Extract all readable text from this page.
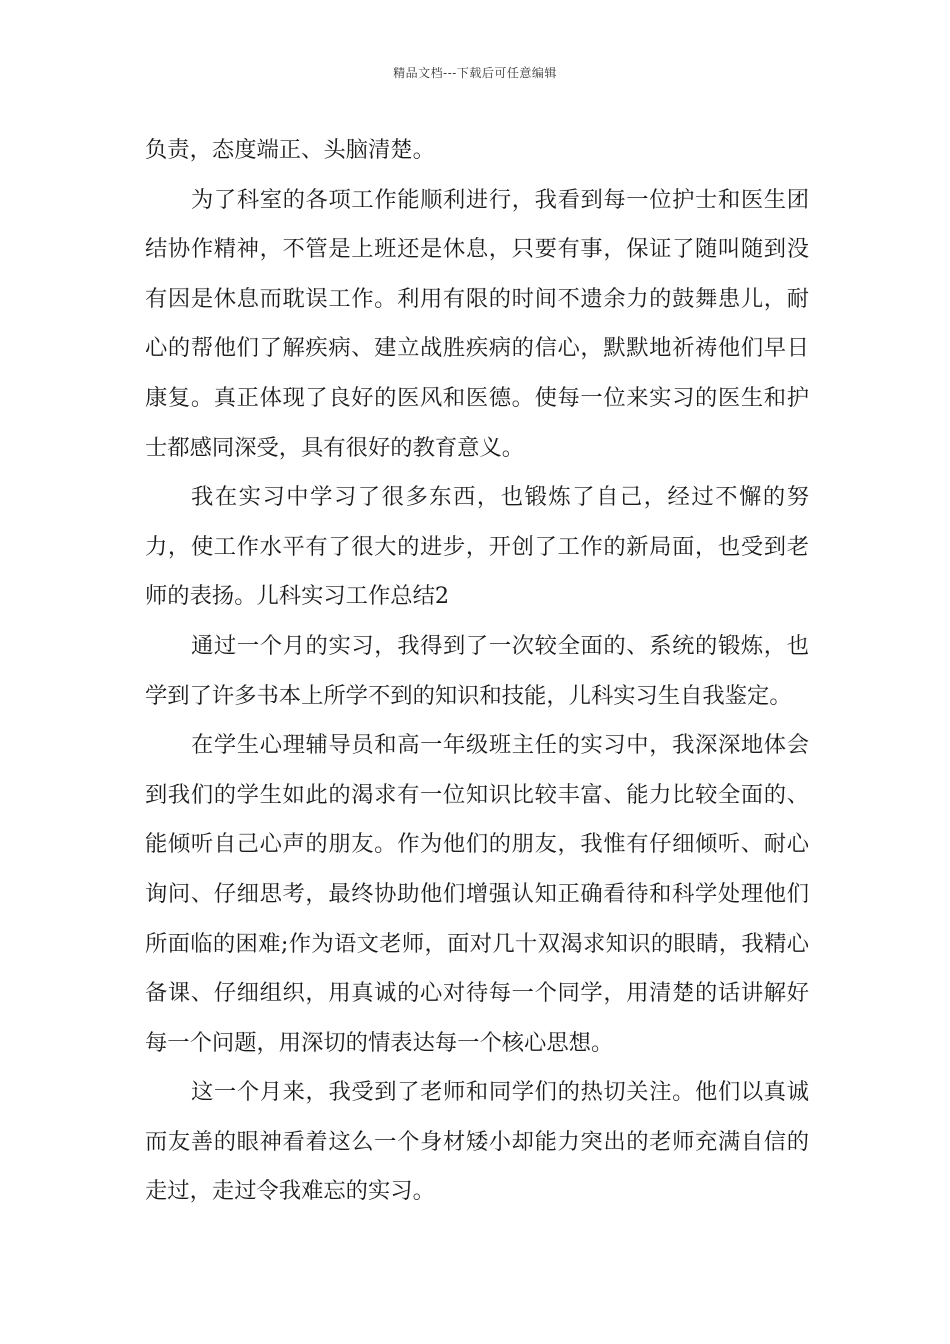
精品文档---下载后可任意编辑

负责，态度端正、头脑清楚。

为了科室的各项工作能顺利进行，我看到每一位护士和医生团结协作精神，不管是上班还是休息，只要有事，保证了随叫随到没有因是休息而耽误工作。利用有限的时间不遗余力的鼓舞患儿，耐心的帮他们了解疾病、建立战胜疾病的信心，默默地祈祷他们早日康复。真正体现了良好的医风和医德。使每一位来实习的医生和护士都感同深受，具有很好的教育意义。

我在实习中学习了很多东西，也锻炼了自己，经过不懈的努力，使工作水平有了很大的进步，开创了工作的新局面，也受到老师的表扬。儿科实习工作总结2

通过一个月的实习，我得到了一次较全面的、系统的锻炼，也学到了许多书本上所学不到的知识和技能，儿科实习生自我鉴定。

在学生心理辅导员和高一年级班主任的实习中，我深深地体会到我们的学生如此的渴求有一位知识比较丰富、能力比较全面的、能倾听自己心声的朋友。作为他们的朋友，我惟有仔细倾听、耐心询问、仔细思考，最终协助他们增强认知正确看待和科学处理他们所面临的困难;作为语文老师，面对几十双渴求知识的眼睛，我精心备课、仔细组织，用真诚的心对待每一个同学，用清楚的话讲解好每一个问题，用深切的情表达每一个核心思想。

这一个月来，我受到了老师和同学们的热切关注。他们以真诚而友善的眼神看着这么一个身材矮小却能力突出的老师充满自信的走过，走过令我难忘的实习。
